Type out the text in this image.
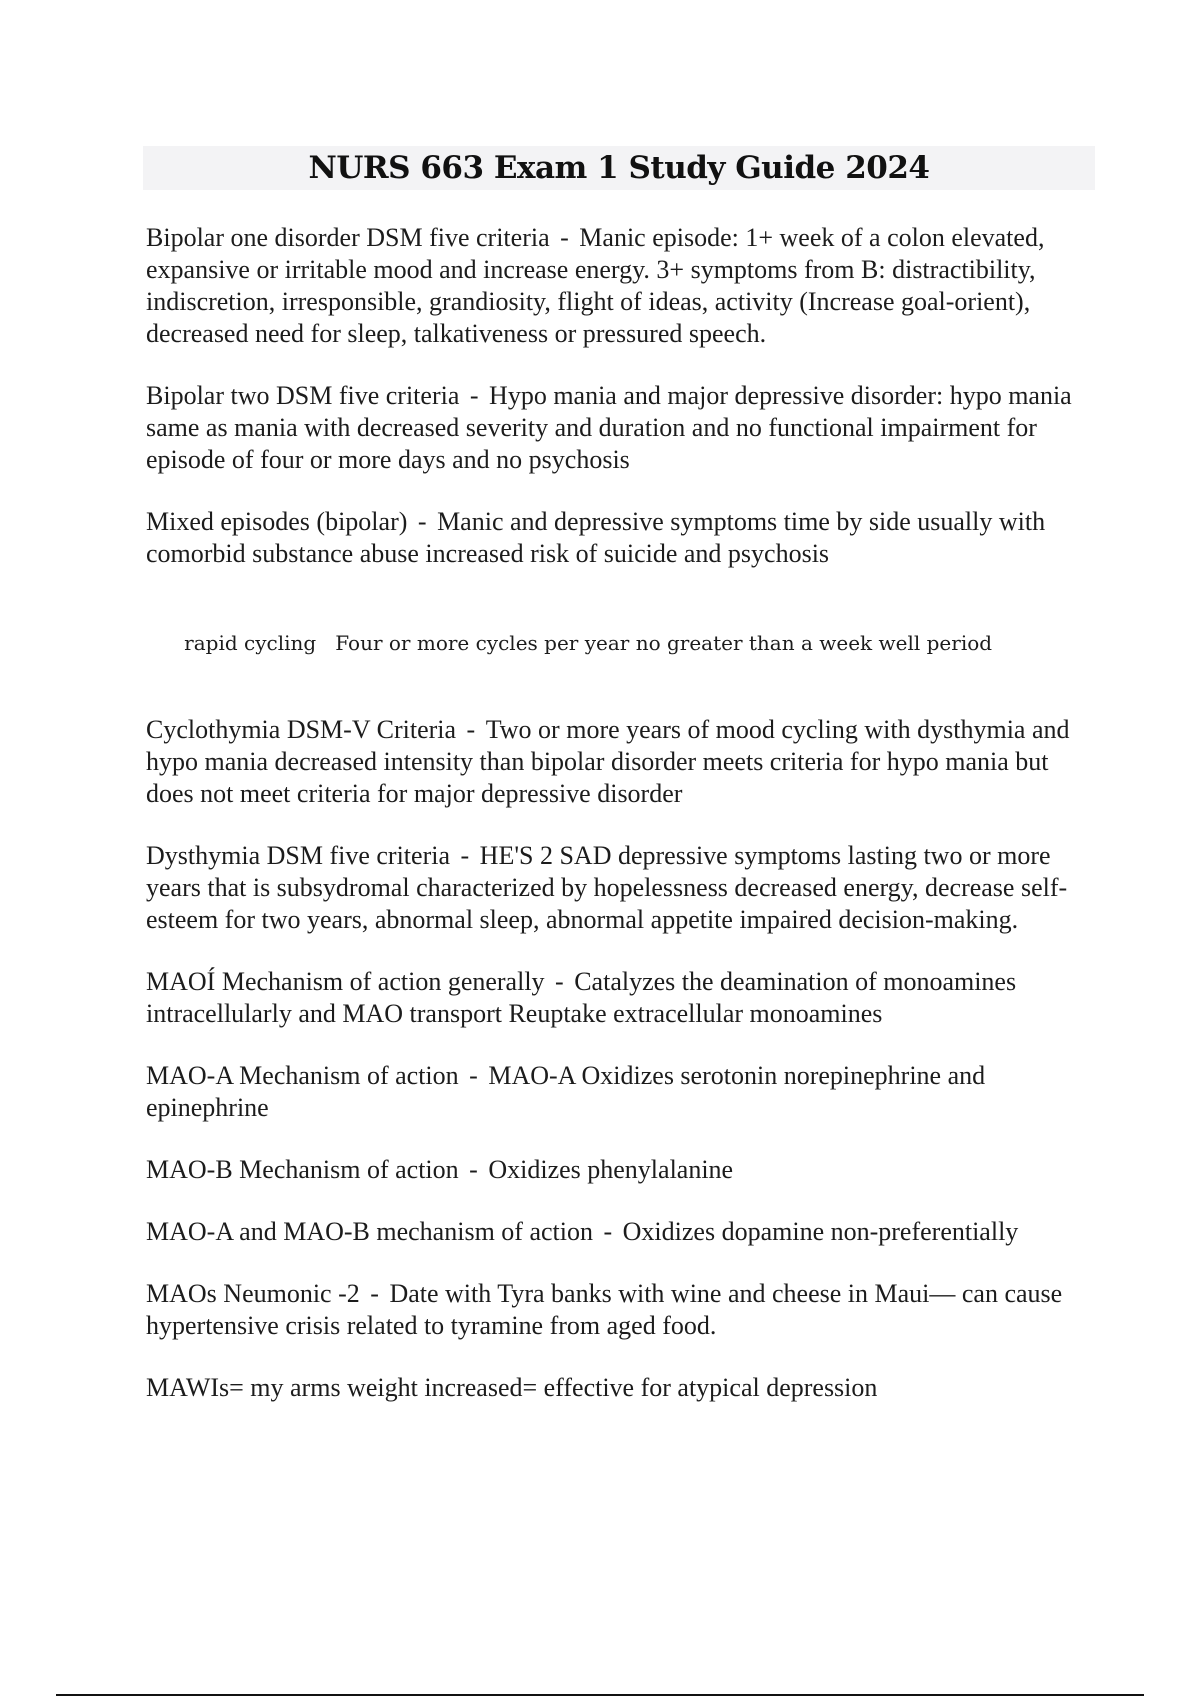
NURS 663 Exam 1 Study Guide 2024

Bipolar one disorder DSM five criteria - Manic episode: 1+ week of a colon elevated, expansive or irritable mood and increase energy. 3+ symptoms from B: distractibility, indiscretion, irresponsible, grandiosity, flight of ideas, activity (Increase goal-orient), decreased need for sleep, talkativeness or pressured speech.

Bipolar two DSM five criteria - Hypo mania and major depressive disorder: hypo mania same as mania with decreased severity and duration and no functional impairment for episode of four or more days and no psychosis

Mixed episodes (bipolar) - Manic and depressive symptoms time by side usually with comorbid substance abuse increased risk of suicide and psychosis

rapid cycling Four or more cycles per year no greater than a week well period

Cyclothymia DSM-V Criteria - Two or more years of mood cycling with dysthymia and hypo mania decreased intensity than bipolar disorder meets criteria for hypo mania but does not meet criteria for major depressive disorder

Dysthymia DSM five criteria - HE'S 2 SAD depressive symptoms lasting two or more years that is subsydromal characterized by hopelessness decreased energy, decrease self-esteem for two years, abnormal sleep, abnormal appetite impaired decision-making.

MAOÍ Mechanism of action generally - Catalyzes the deamination of monoamines intracellularly and MAO transport Reuptake extracellular monoamines

MAO-A Mechanism of action - MAO-A Oxidizes serotonin norepinephrine and epinephrine

MAO-B Mechanism of action - Oxidizes phenylalanine

MAO-A and MAO-B mechanism of action - Oxidizes dopamine non-preferentially

MAOs Neumonic -2 - Date with Tyra banks with wine and cheese in Maui— can cause hypertensive crisis related to tyramine from aged food.

MAWIs= my arms weight increased= effective for atypical depression
